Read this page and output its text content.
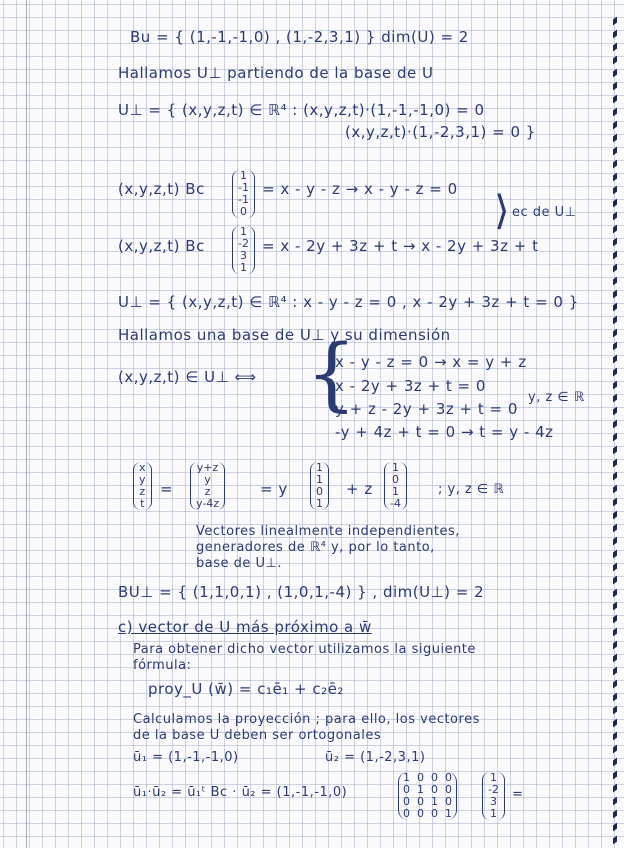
Bu = { (1,-1,-1,0) , (1,-2,3,1) } dim(U) = 2
Hallamos U⊥ partiendo de la base de U
U⊥ = { (x,y,z,t) ∈ ℝ⁴ : (x,y,z,t)·(1,-1,-1,0) = 0
(x,y,z,t)·(1,-2,3,1) = 0 }
(x,y,z,t) Bc
1
-1
-1
0
= x - y - z → x - y - z = 0
ec de U⊥
⟩
(x,y,z,t) Bc
1
-2
3
1
= x - 2y + 3z + t → x - 2y + 3z + t
U⊥ = { (x,y,z,t) ∈ ℝ⁴ : x - y - z = 0 , x - 2y + 3z + t = 0 }
Hallamos una base de U⊥ y su dimensión
(x,y,z,t) ∈ U⊥ ⟺ {
x - y - z = 0 → x = y + z
x - 2y + 3z + t = 0
y + z - 2y + 3z + t = 0
y, z ∈ ℝ
-y + 4z + t = 0 → t = y - 4z
x
y
z
t
=
y+z
y
z
y-4z
= y
1
1
0
1
+ z
1
0
1
-4
; y, z ∈ ℝ
Vectores linealmente independientes,
generadores de ℝ⁴ y, por lo tanto,
base de U⊥.
BU⊥ = { (1,1,0,1) , (1,0,1,-4) } , dim(U⊥) = 2
c) vector de U más próximo a w̄
Para obtener dicho vector utilizamos la siguiente
fórmula:
proy_U (w̄) = c₁ē₁ + c₂ē₂
Calculamos la proyección ; para ello, los vectores
de la base U deben ser ortogonales
ū₁ = (1,-1,-1,0)	ū₂ = (1,-2,3,1)
ū₁·ū₂ = ū₁ᵗ Bc · ū₂ = (1,-1,-1,0)
1 0 0 0
0 1 0 0
0 0 1 0
0 0 0 1
1
-2
3
1
=
